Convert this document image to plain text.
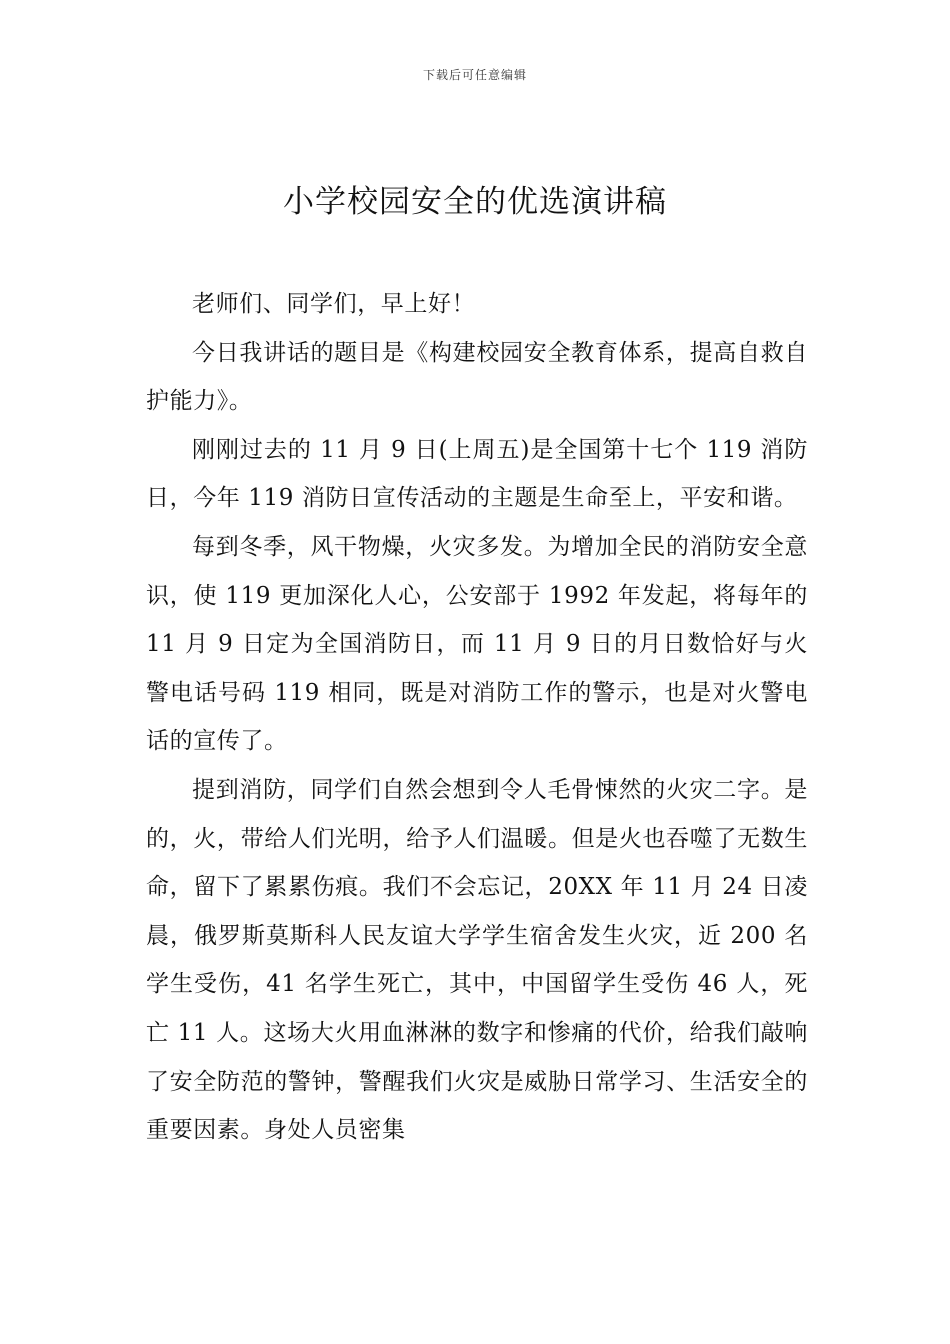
下载后可任意编辑
小学校园安全的优选演讲稿

老师们、同学们，早上好！

今日我讲话的题目是《构建校园安全教育体系，提高自救自护能力》。

刚刚过去的 11 月 9 日(上周五)是全国第十七个 119 消防日，今年 119 消防日宣传活动的主题是生命至上，平安和谐。

每到冬季，风干物燥，火灾多发。为增加全民的消防安全意识，使 119 更加深化人心，公安部于 1992 年发起，将每年的 11 月 9 日定为全国消防日，而 11 月 9 日的月日数恰好与火警电话号码 119 相同，既是对消防工作的警示，也是对火警电话的宣传了。

提到消防，同学们自然会想到令人毛骨悚然的火灾二字。是的，火，带给人们光明，给予人们温暖。但是火也吞噬了无数生命，留下了累累伤痕。我们不会忘记，20XX 年 11 月 24 日凌晨，俄罗斯莫斯科人民友谊大学学生宿舍发生火灾，近 200 名学生受伤，41 名学生死亡，其中，中国留学生受伤 46 人，死亡 11 人。这场大火用血淋淋的数字和惨痛的代价，给我们敲响了安全防范的警钟，警醒我们火灾是威胁日常学习、生活安全的重要因素。身处人员密集
